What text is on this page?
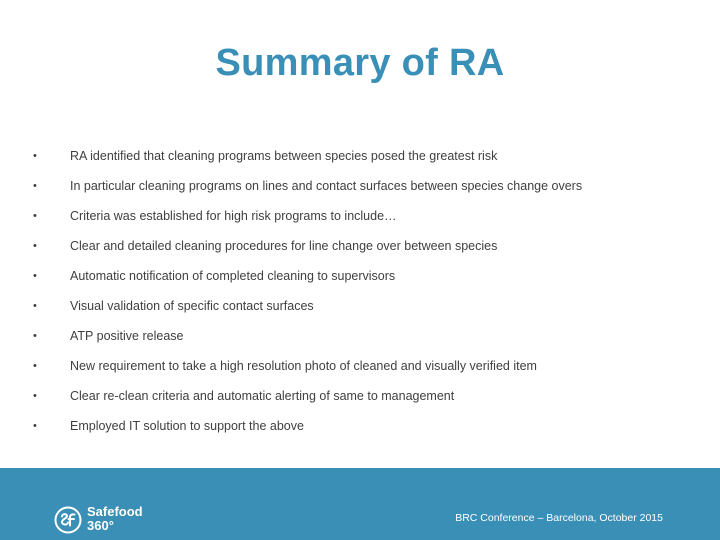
Summary of RA
•	RA identified that cleaning programs between species posed the greatest risk
•	In particular cleaning programs on lines and contact surfaces between species change overs
•	Criteria was established for high risk programs to include…
•	Clear and detailed cleaning procedures for line change over between species
•	Automatic notification of completed cleaning to supervisors
•	Visual validation of specific contact surfaces
•	ATP positive release
•	New requirement to take a high resolution photo of cleaned and visually verified item
•	Clear re-clean criteria and automatic alerting of same to management
•	Employed IT solution to support the above
Safefood
360°	BRC Conference – Barcelona, October 2015
